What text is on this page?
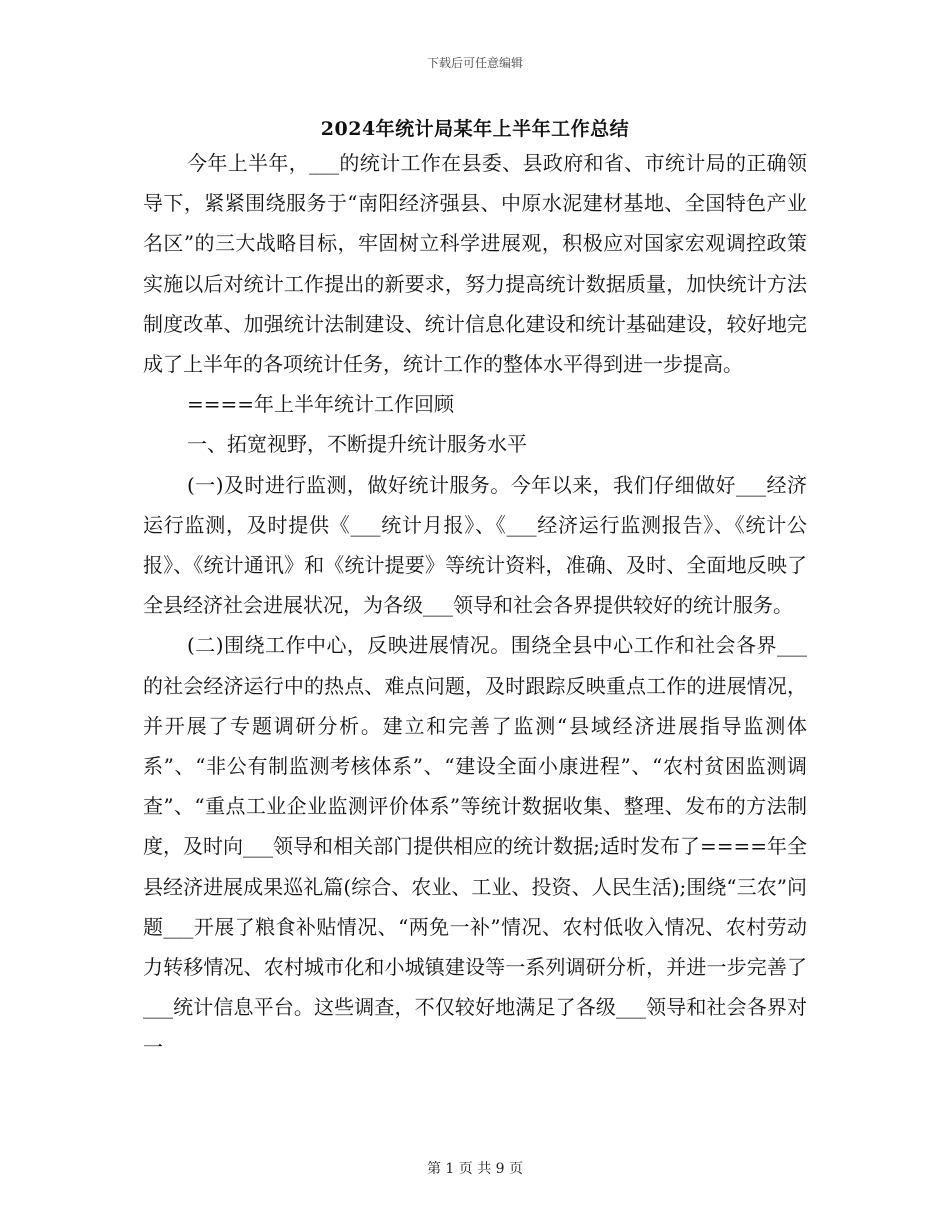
下载后可任意编辑
2024年统计局某年上半年工作总结

今年上半年，___的统计工作在县委、县政府和省、市统计局的正确领导下，紧紧围绕服务于“南阳经济强县、中原水泥建材基地、全国特色产业名区”的三大战略目标，牢固树立科学进展观，积极应对国家宏观调控政策实施以后对统计工作提出的新要求，努力提高统计数据质量，加快统计方法制度改革、加强统计法制建设、统计信息化建设和统计基础建设，较好地完成了上半年的各项统计任务，统计工作的整体水平得到进一步提高。

====年上半年统计工作回顾

一、拓宽视野，不断提升统计服务水平

(一)及时进行监测，做好统计服务。今年以来，我们仔细做好___经济运行监测，及时提供《___统计月报》、《___经济运行监测报告》、《统计公报》、《统计通讯》和《统计提要》等统计资料，准确、及时、全面地反映了全县经济社会进展状况，为各级___领导和社会各界提供较好的统计服务。

(二)围绕工作中心，反映进展情况。围绕全县中心工作和社会各界___的社会经济运行中的热点、难点问题，及时跟踪反映重点工作的进展情况，并开展了专题调研分析。建立和完善了监测“县域经济进展指导监测体系”、“非公有制监测考核体系”、“建设全面小康进程”、“农村贫困监测调查”、“重点工业企业监测评价体系”等统计数据收集、整理、发布的方法制度，及时向___领导和相关部门提供相应的统计数据;适时发布了====年全县经济进展成果巡礼篇(综合、农业、工业、投资、人民生活);围绕“三农”问题___开展了粮食补贴情况、“两免一补”情况、农村低收入情况、农村劳动力转移情况、农村城市化和小城镇建设等一系列调研分析，并进一步完善了___统计信息平台。这些调查，不仅较好地满足了各级___领导和社会各界对一

第 1 页 共 9 页
